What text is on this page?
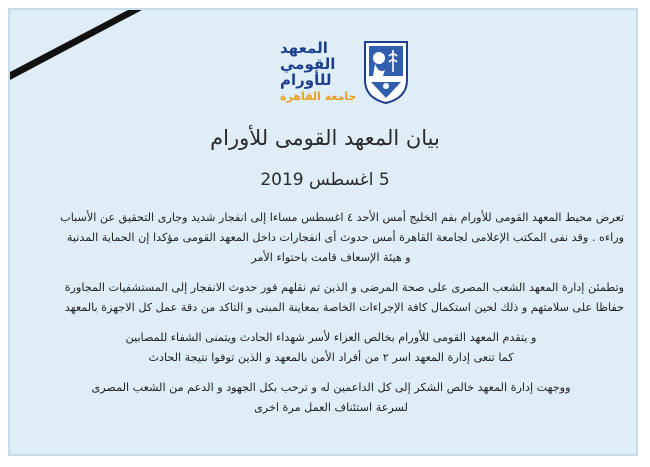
المعهد
القومي
للأورام
جامعة القاهرة
بيان المعهد القومى للأورام
5 اغسطس 2019
تعرض محيط المعهد القومى للأورام بفم الخليج أمس الأحد ٤ اغسطس مساءا إلى انفجار شديد وجارى التحقيق عن الأسباب
وراءه . وقد نفى المكتب الإعلامى لجامعة القاهرة أمس حدوث أى انفجارات داخل المعهد القومى مؤكدا إن الحماية المدنية
و هيئة الإسعاف قامت باحتواء الأمر
وتطمئن إدارة المعهد الشعب المصرى على صحة المرضى و الذين تم نقلهم فور حدوث الانفجار إلى المستشفيات المجاورة
حفاظا على سلامتهم و ذلك لحين استكمال كافة الإجراءات الخاصة بمعاينة المبنى و التاكد من دقة عمل كل الاجهزة بالمعهد
و يتقدم المعهد القومى للأورام بخالص العزاء لأسر شهداء الحادث ويتمنى الشفاء للمصابين
كما تنعى إدارة المعهد اسر ٢ من أفراد الأمن بالمعهد و الذين توفوا نتيجة الحادث
ووجهت إدارة المعهد خالص الشكر إلى كل الداعمين له و ترحب بكل الجهود و الدعم من الشعب المصرى
لسرعة استئناف العمل مرة اخرى
